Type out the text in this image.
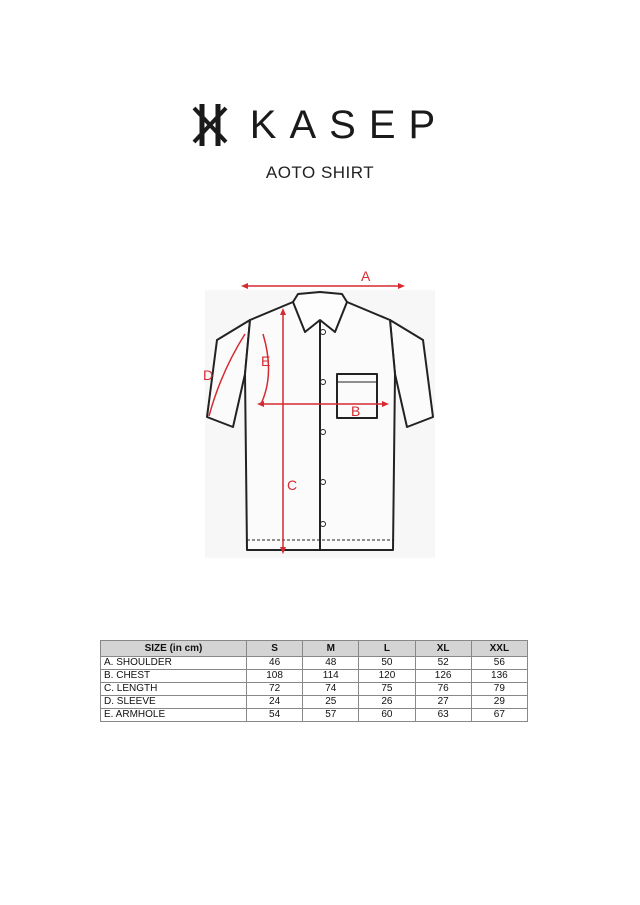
KASEP
AOTO SHIRT
A
B
C
D
E
SIZE (in cm)	S	M	L	XL	XXL
A. SHOULDER	46	48	50	52	56
B. CHEST	108	114	120	126	136
C. LENGTH	72	74	75	76	79
D. SLEEVE	24	25	26	27	29
E. ARMHOLE	54	57	60	63	67
